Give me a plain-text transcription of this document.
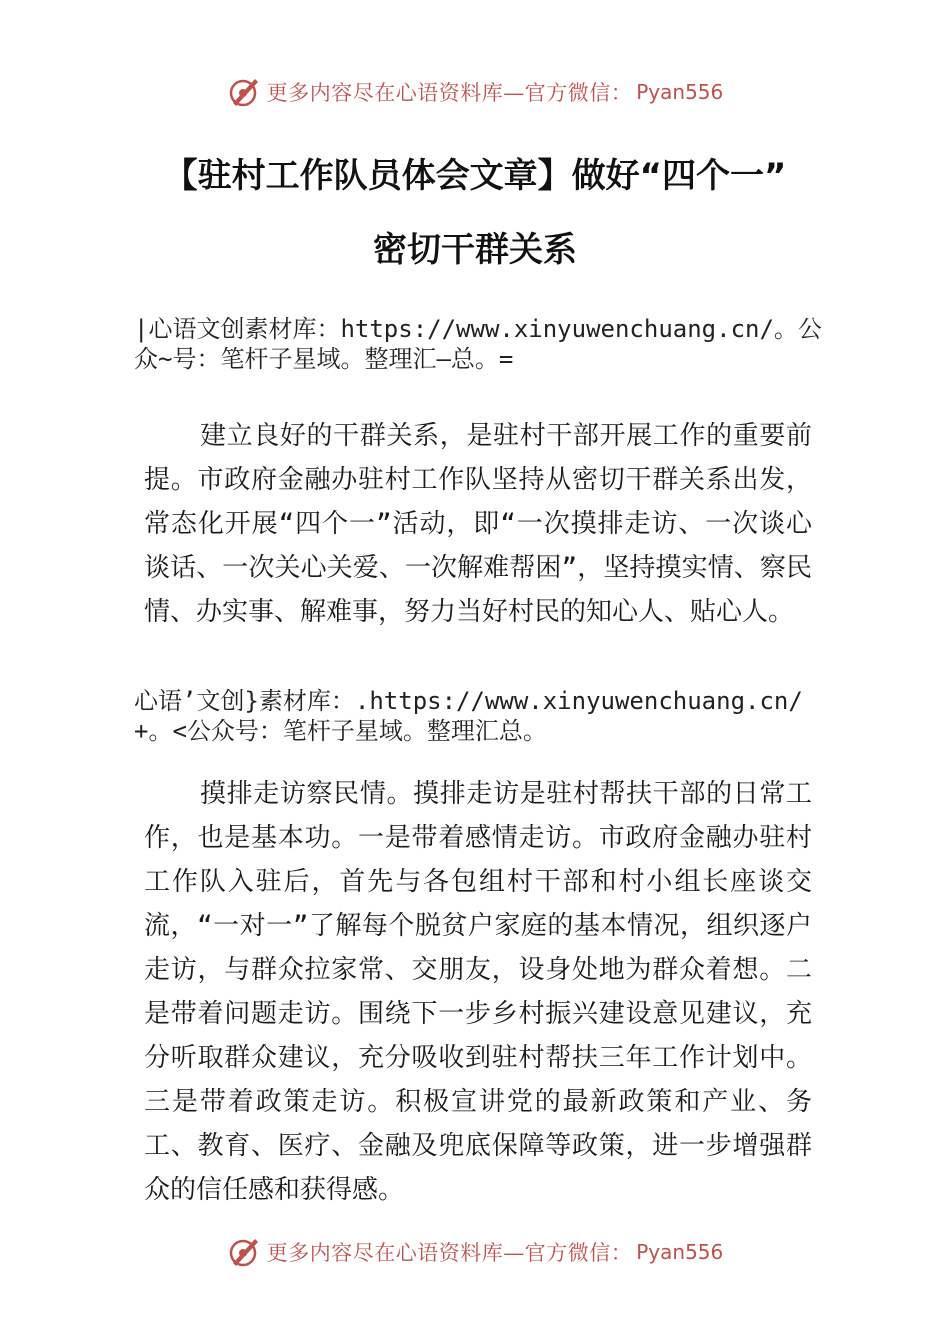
更多内容尽在心语资料库—官方微信： Pyan556
【驻村工作队员体会文章】做好“四个一”
密切干群关系
|心语文创素材库：https://www.xinyuwenchuang.cn/。公众~号：笔杆子星域。整理汇—总。=
建立良好的干群关系，是驻村干部开展工作的重要前提。市政府金融办驻村工作队坚持从密切干群关系出发，常态化开展“四个一”活动，即“一次摸排走访、一次谈心谈话、一次关心关爱、一次解难帮困”，坚持摸实情、察民情、办实事、解难事，努力当好村民的知心人、贴心人。
心语’文创}素材库：.https://www.xinyuwenchuang.cn/+。<公众号：笔杆子星域。整理汇总。
摸排走访察民情。摸排走访是驻村帮扶干部的日常工作，也是基本功。一是带着感情走访。市政府金融办驻村工作队入驻后，首先与各包组村干部和村小组长座谈交流，“一对一”了解每个脱贫户家庭的基本情况，组织逐户走访，与群众拉家常、交朋友，设身处地为群众着想。二是带着问题走访。围绕下一步乡村振兴建设意见建议，充分听取群众建议，充分吸收到驻村帮扶三年工作计划中。三是带着政策走访。积极宣讲党的最新政策和产业、务工、教育、医疗、金融及兜底保障等政策，进一步增强群众的信任感和获得感。
更多内容尽在心语资料库—官方微信： Pyan556
